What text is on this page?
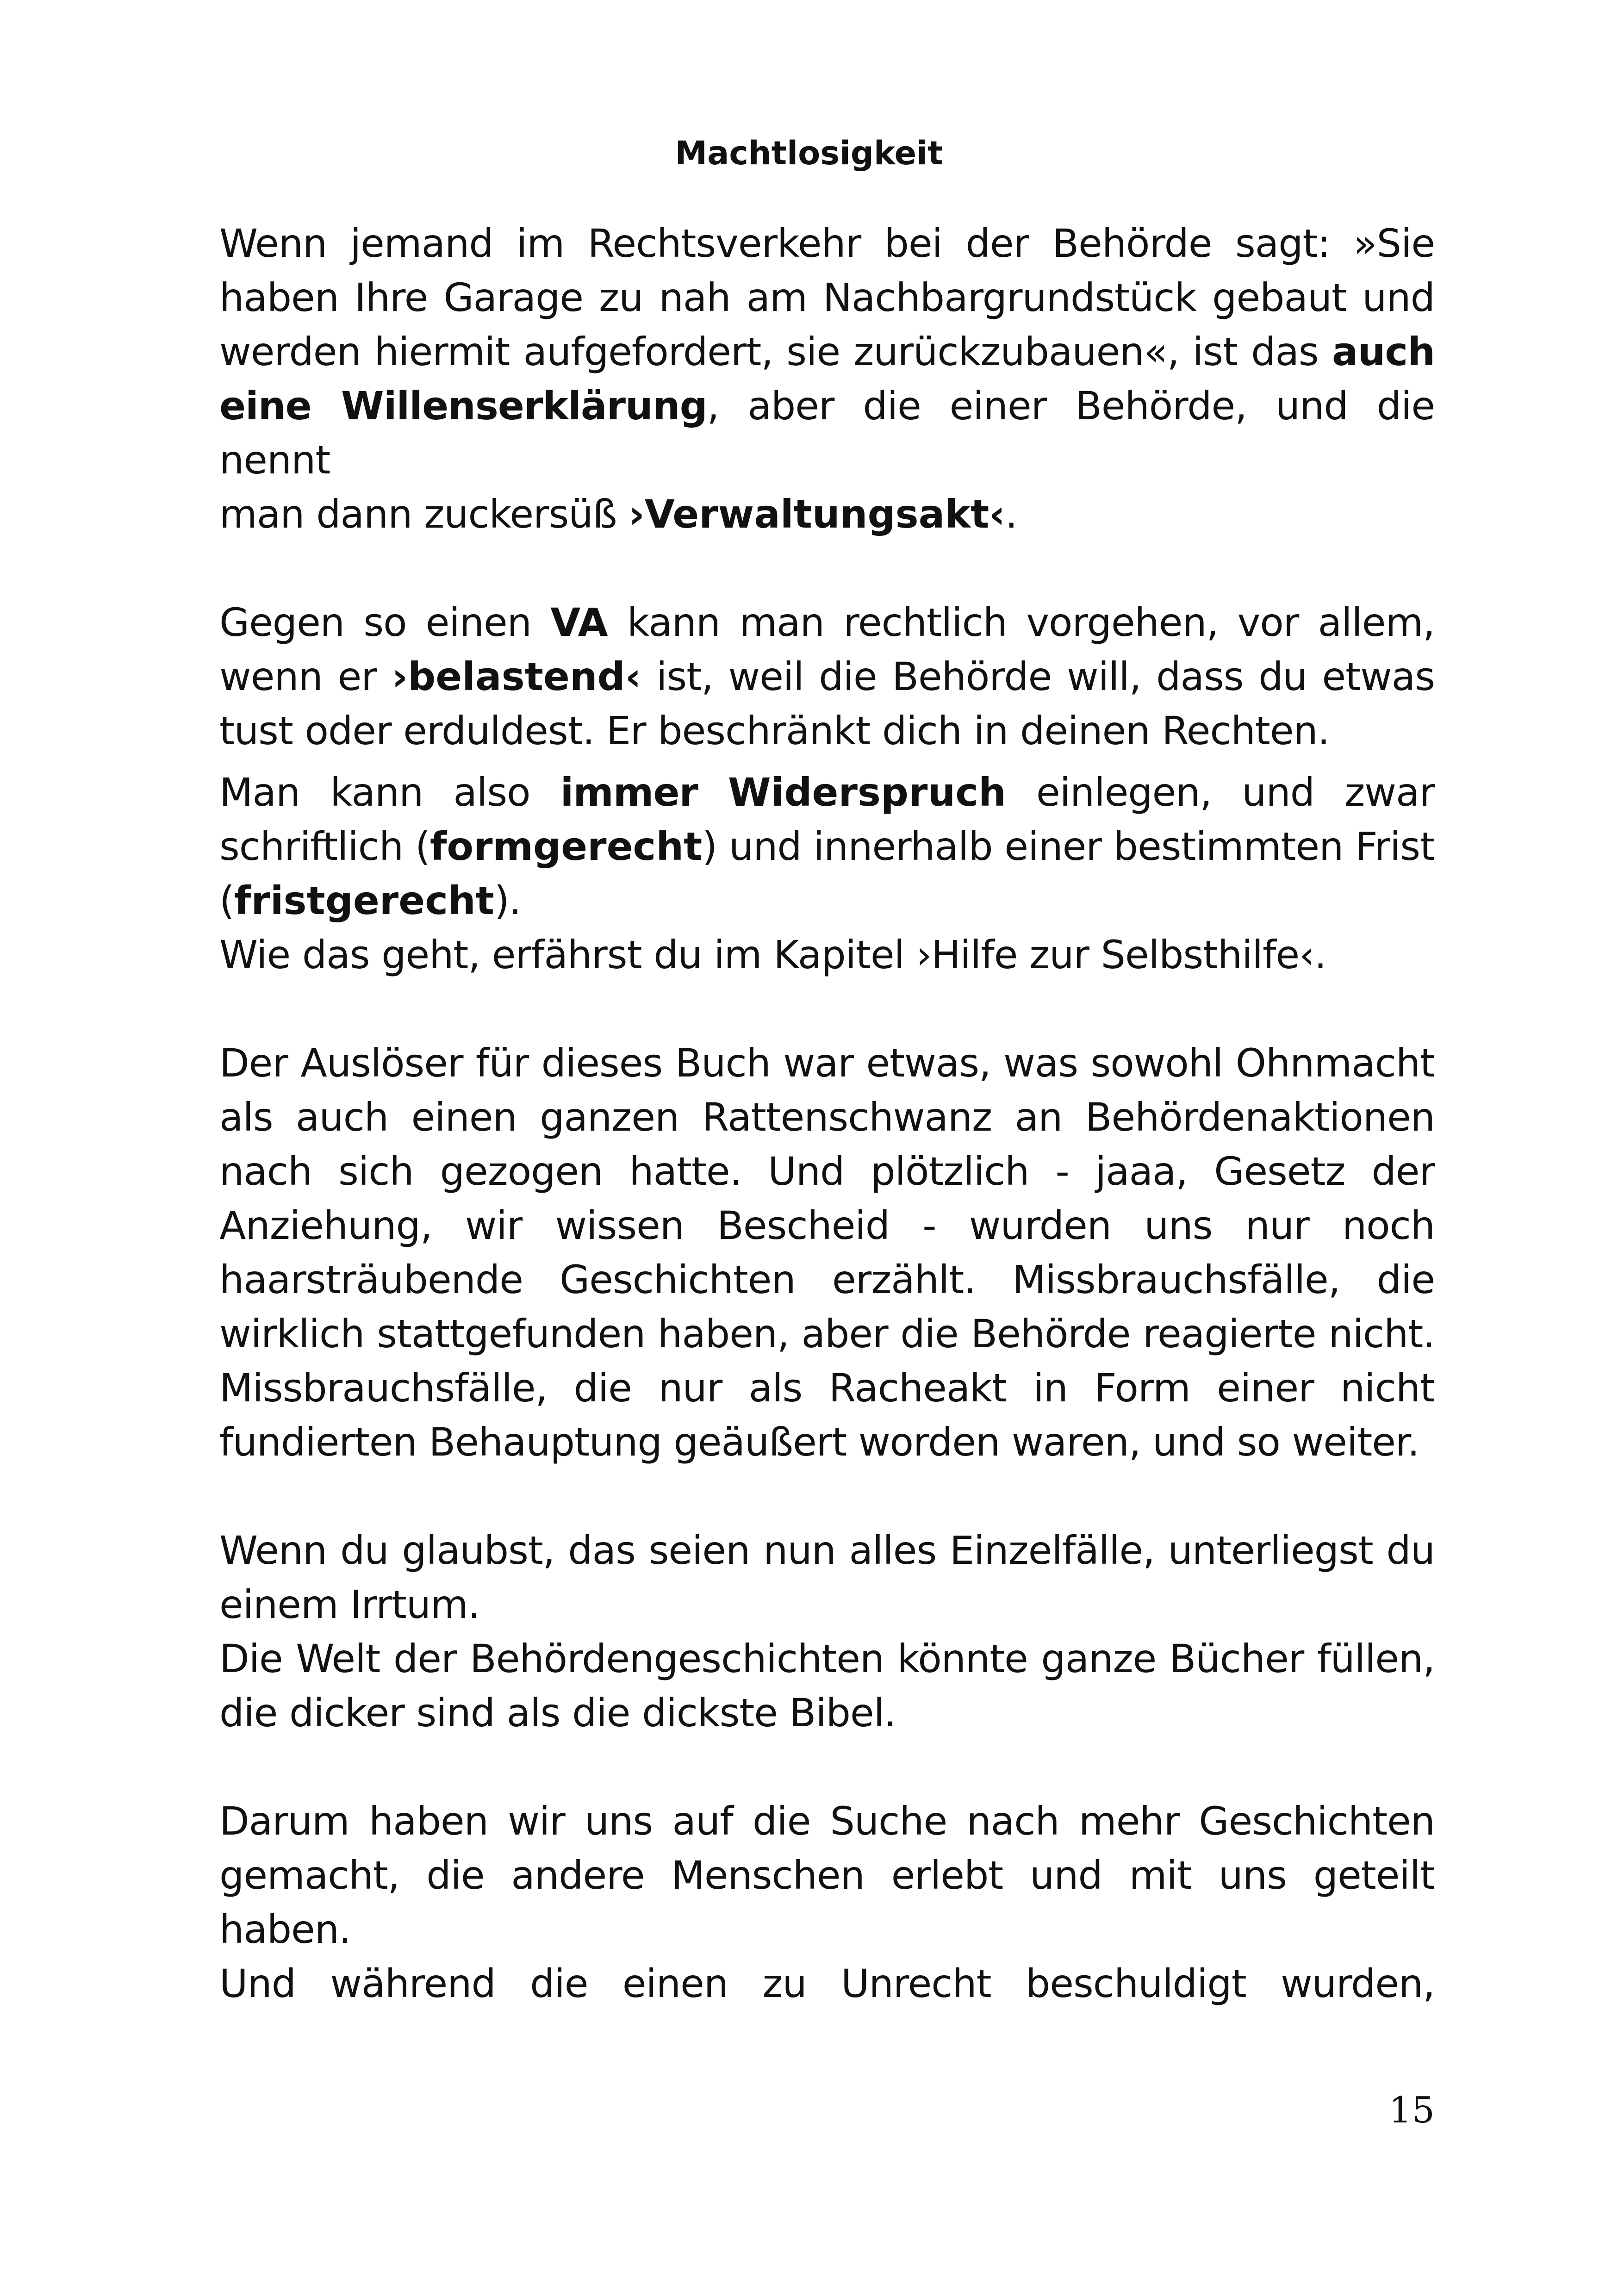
Machtlosigkeit

Wenn jemand im Rechtsverkehr bei der Behörde sagt: »Sie

haben Ihre Garage zu nah am Nachbargrundstück gebaut und

werden hiermit aufgefordert, sie zurückzubauen«, ist das auch

eine Willenserklärung, aber die einer Behörde, und die nennt

man dann zuckersüß ›Verwaltungsakt‹.

Gegen so einen VA kann man rechtlich vorgehen, vor allem,

wenn er ›belastend‹ ist, weil die Behörde will, dass du etwas

tust oder erduldest. Er beschränkt dich in deinen Rechten.

Man kann also immer Widerspruch einlegen, und zwar

schriftlich (formgerecht) und innerhalb einer bestimmten Frist

(fristgerecht).

Wie das geht, erfährst du im Kapitel ›Hilfe zur Selbsthilfe‹.

Der Auslöser für dieses Buch war etwas, was sowohl Ohnmacht

als auch einen ganzen Rattenschwanz an Behördenaktionen

nach sich gezogen hatte. Und plötzlich - jaaa, Gesetz der

Anziehung, wir wissen Bescheid - wurden uns nur noch

haarsträubende Geschichten erzählt. Missbrauchsfälle, die

wirklich stattgefunden haben, aber die Behörde reagierte nicht.

Missbrauchsfälle, die nur als Racheakt in Form einer nicht

fundierten Behauptung geäußert worden waren, und so weiter.

Wenn du glaubst, das seien nun alles Einzelfälle, unterliegst du

einem Irrtum.

Die Welt der Behördengeschichten könnte ganze Bücher füllen,

die dicker sind als die dickste Bibel.

Darum haben wir uns auf die Suche nach mehr Geschichten

gemacht, die andere Menschen erlebt und mit uns geteilt

haben.

Und während die einen zu Unrecht beschuldigt wurden,

15
